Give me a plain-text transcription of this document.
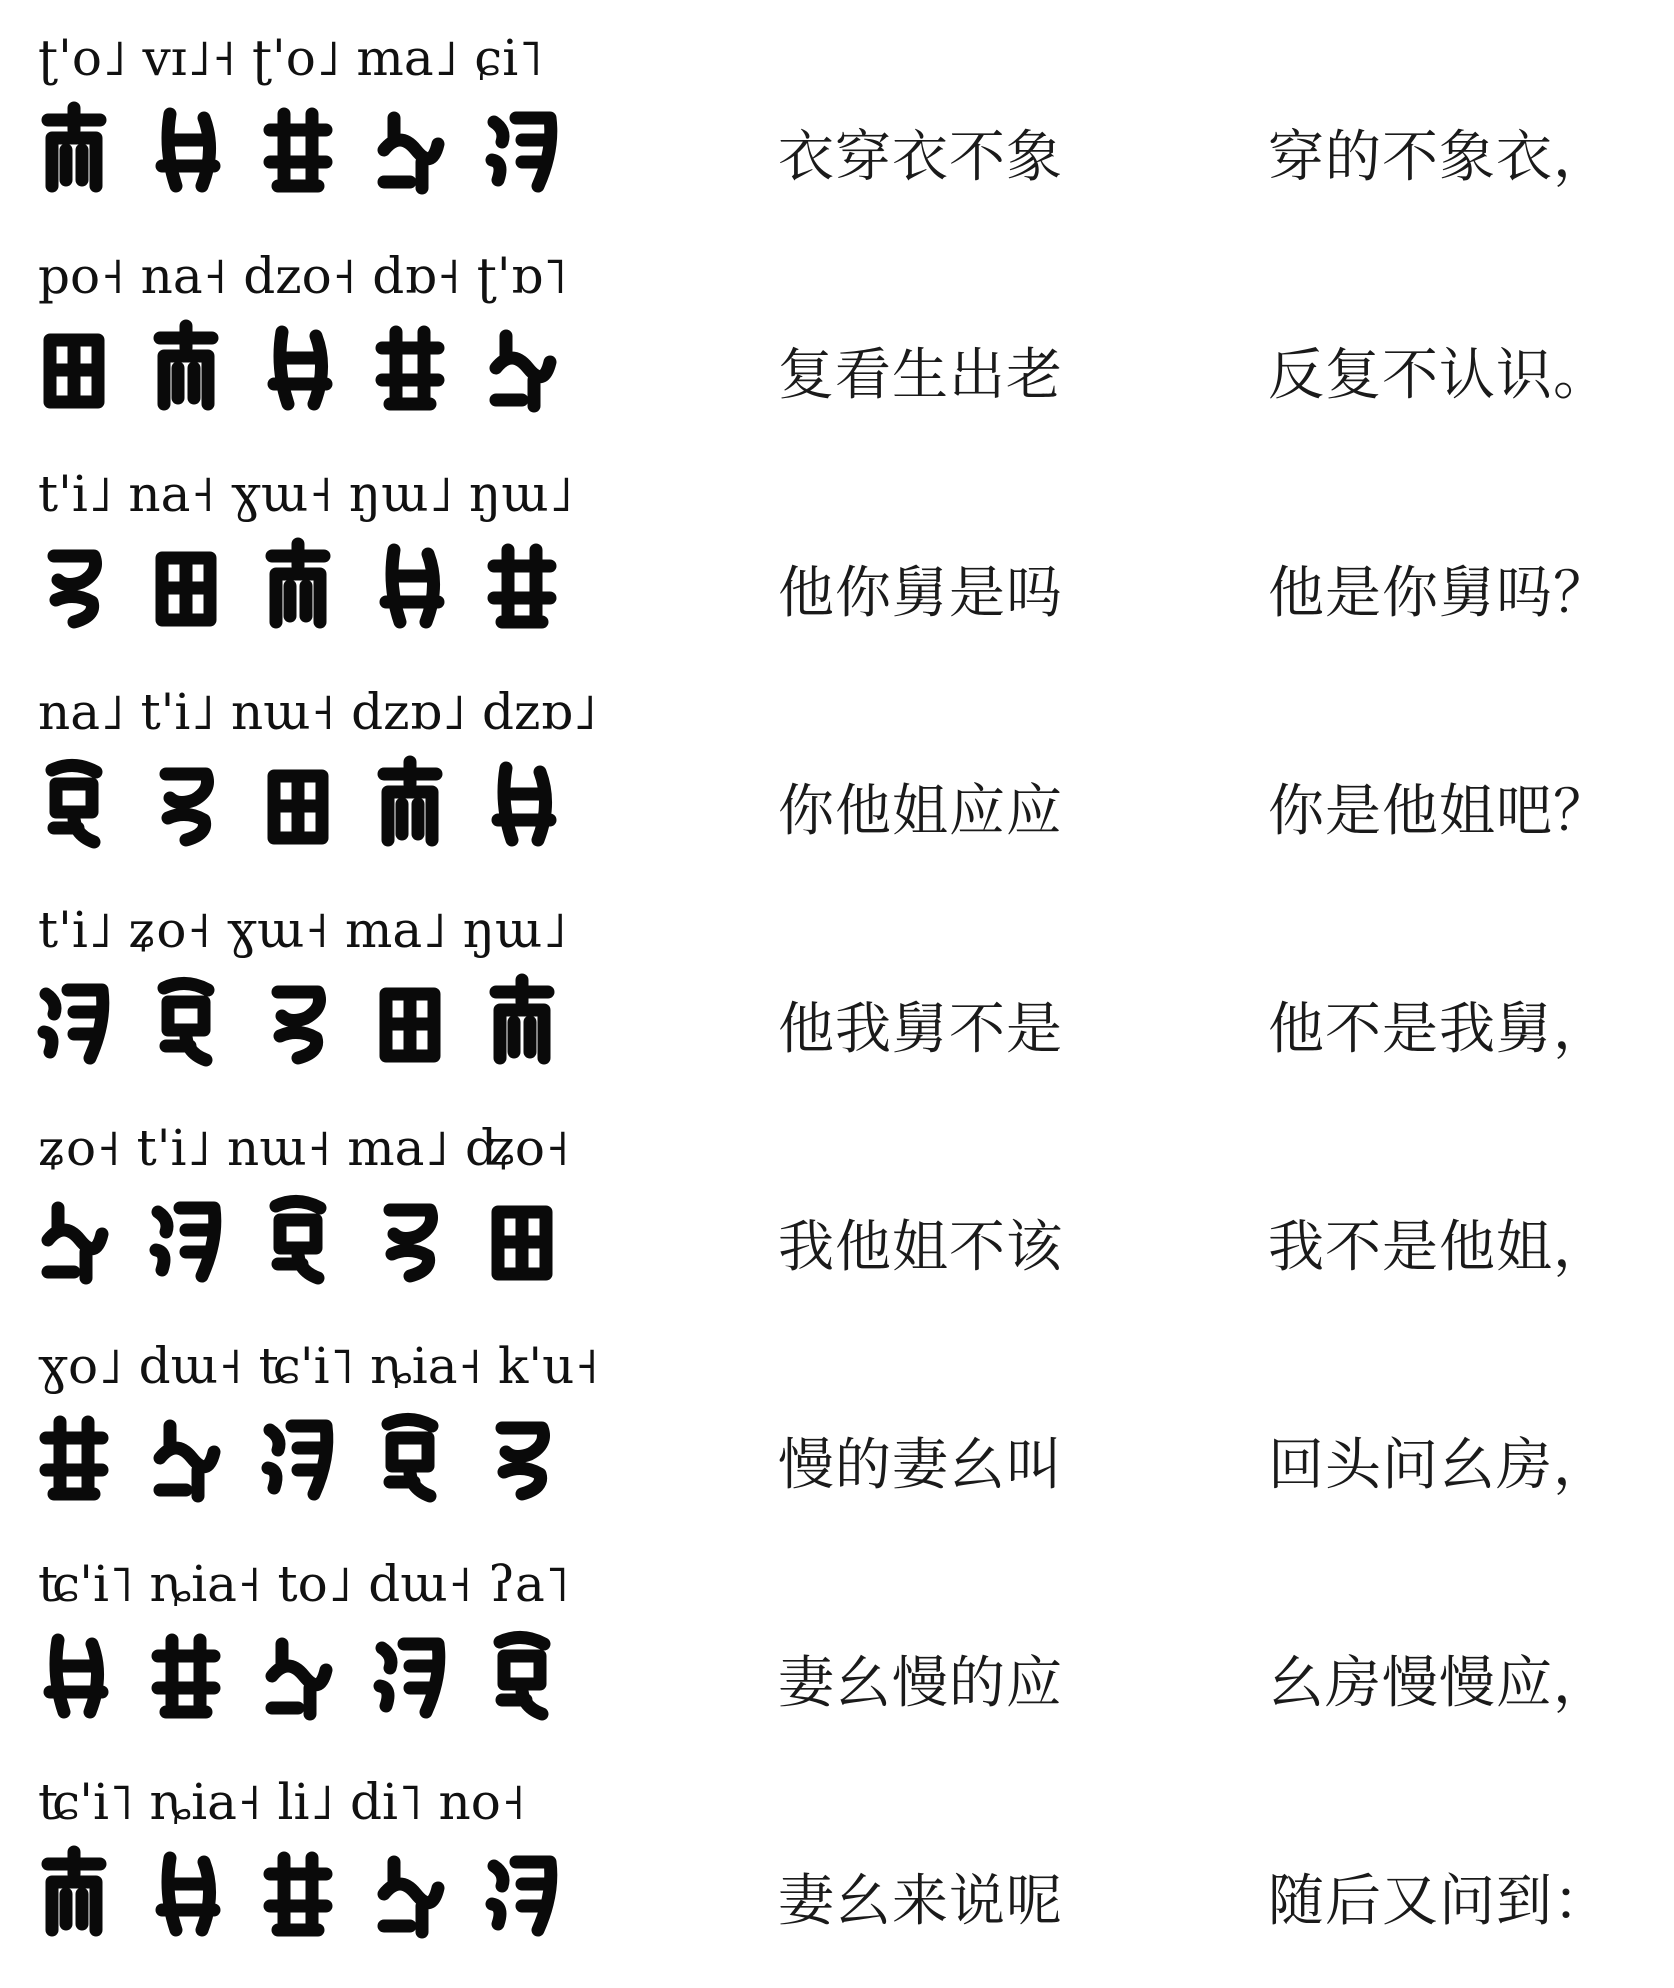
ʈ'o˩ vɪ˩˧ ʈ'o˩ ma˩ ɕi˥
衣穿衣不象	穿的不象衣，
po˧ na˧ dzo˧ dɒ˧ ʈ'ɒ˥
复看生出老	反复不认识。
t'i˩ na˧ ɣɯ˧ ŋɯ˩ ŋɯ˩
他你舅是吗	他是你舅吗？
na˩ t'i˩ nɯ˧ dzɒ˩ dzɒ˩
你他姐应应	你是他姐吧？
t'i˩ ʑo˧ ɣɯ˧ ma˩ ŋɯ˩
他我舅不是	他不是我舅，
ʑo˧ t'i˩ nɯ˧ ma˩ ʥo˧
我他姐不该	我不是他姐，
ɣo˩ dɯ˧ ʨ'i˥ ȵia˧ k'u˧
慢的妻幺叫	回头问幺房，
ʨ'i˥ ȵia˧ to˩ dɯ˧ ʔa˥
妻幺慢的应	幺房慢慢应，
ʨ'i˥ ȵia˧ li˩ di˥ no˧
妻幺来说呢	随后又问到：
